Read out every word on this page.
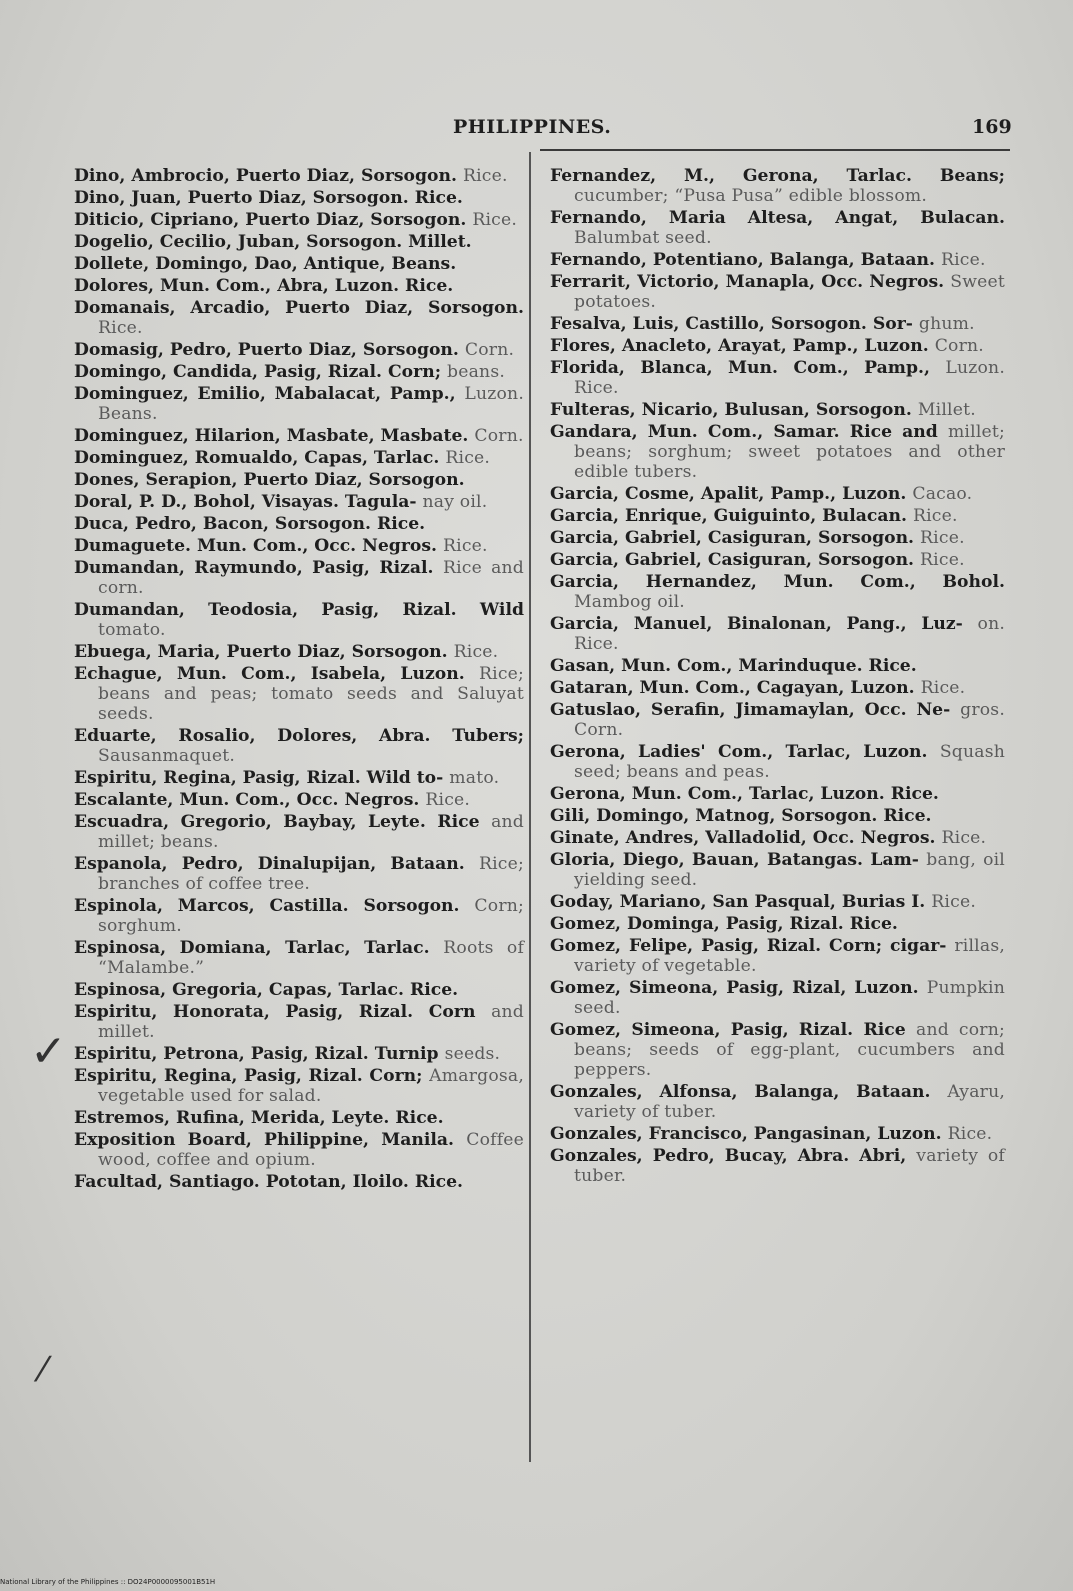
PHILIPPINES.	169
Dino, Ambrocio, Puerto Diaz, Sorsogon. Rice.
Dino, Juan, Puerto Diaz, Sorsogon. Rice.
Diticio, Cipriano, Puerto Diaz, Sorsogon. Rice.
Dogelio, Cecilio, Juban, Sorsogon. Millet.
Dollete, Domingo, Dao, Antique, Beans.
Dolores, Mun. Com., Abra, Luzon. Rice.
Domanais, Arcadio, Puerto Diaz, Sorsogon. Rice.
Domasig, Pedro, Puerto Diaz, Sorsogon. Corn.
Domingo, Candida, Pasig, Rizal. Corn; beans.
Dominguez, Emilio, Mabalacat, Pamp., Luzon. Beans.
Dominguez, Hilarion, Masbate, Masbate. Corn.
Dominguez, Romualdo, Capas, Tarlac. Rice.
Dones, Serapion, Puerto Diaz, Sorsogon.
Doral, P. D., Bohol, Visayas. Tagula- nay oil.
Duca, Pedro, Bacon, Sorsogon. Rice.
Dumaguete. Mun. Com., Occ. Negros. Rice.
Dumandan, Raymundo, Pasig, Rizal. Rice and corn.
Dumandan, Teodosia, Pasig, Rizal. Wild tomato.
Ebuega, Maria, Puerto Diaz, Sorsogon. Rice.
Echague, Mun. Com., Isabela, Luzon. Rice; beans and peas; tomato seeds and Saluyat seeds.
Eduarte, Rosalio, Dolores, Abra. Tubers; Sausanmaquet.
Espiritu, Regina, Pasig, Rizal. Wild to- mato.
Escalante, Mun. Com., Occ. Negros. Rice.
Escuadra, Gregorio, Baybay, Leyte. Rice and millet; beans.
Espanola, Pedro, Dinalupijan, Bataan. Rice; branches of coffee tree.
Espinola, Marcos, Castilla. Sorsogon. Corn; sorghum.
Espinosa, Domiana, Tarlac, Tarlac. Roots of “Malambe.”
Espinosa, Gregoria, Capas, Tarlac. Rice.
Espiritu, Honorata, Pasig, Rizal. Corn and millet.
Espiritu, Petrona, Pasig, Rizal. Turnip seeds.
Espiritu, Regina, Pasig, Rizal. Corn; Amargosa, vegetable used for salad.
Estremos, Rufina, Merida, Leyte. Rice.
Exposition Board, Philippine, Manila. Coffee wood, coffee and opium.
Facultad, Santiago. Pototan, Iloilo. Rice.
Fernandez, M., Gerona, Tarlac. Beans; cucumber; “Pusa Pusa” edible blossom.
Fernando, Maria Altesa, Angat, Bulacan. Balumbat seed.
Fernando, Potentiano, Balanga, Bataan. Rice.
Ferrarit, Victorio, Manapla, Occ. Negros. Sweet potatoes.
Fesalva, Luis, Castillo, Sorsogon. Sor- ghum.
Flores, Anacleto, Arayat, Pamp., Luzon. Corn.
Florida, Blanca, Mun. Com., Pamp., Luzon. Rice.
Fulteras, Nicario, Bulusan, Sorsogon. Millet.
Gandara, Mun. Com., Samar. Rice and millet; beans; sorghum; sweet potatoes and other edible tubers.
Garcia, Cosme, Apalit, Pamp., Luzon. Cacao.
Garcia, Enrique, Guiguinto, Bulacan. Rice.
Garcia, Gabriel, Casiguran, Sorsogon. Rice.
Garcia, Gabriel, Casiguran, Sorsogon. Rice.
Garcia, Hernandez, Mun. Com., Bohol. Mambog oil.
Garcia, Manuel, Binalonan, Pang., Luz- on. Rice.
Gasan, Mun. Com., Marinduque. Rice.
Gataran, Mun. Com., Cagayan, Luzon. Rice.
Gatuslao, Serafin, Jimamaylan, Occ. Ne- gros. Corn.
Gerona, Ladies' Com., Tarlac, Luzon. Squash seed; beans and peas.
Gerona, Mun. Com., Tarlac, Luzon. Rice.
Gili, Domingo, Matnog, Sorsogon. Rice.
Ginate, Andres, Valladolid, Occ. Negros. Rice.
Gloria, Diego, Bauan, Batangas. Lam- bang, oil yielding seed.
Goday, Mariano, San Pasqual, Burias I. Rice.
Gomez, Dominga, Pasig, Rizal. Rice.
Gomez, Felipe, Pasig, Rizal. Corn; cigar- rillas, variety of vegetable.
Gomez, Simeona, Pasig, Rizal, Luzon. Pumpkin seed.
Gomez, Simeona, Pasig, Rizal. Rice and corn; beans; seeds of egg-plant, cucumbers and peppers.
Gonzales, Alfonsa, Balanga, Bataan. Ayaru, variety of tuber.
Gonzales, Francisco, Pangasinan, Luzon. Rice.
Gonzales, Pedro, Bucay, Abra. Abri, variety of tuber.
✓
⁄
National Library of the Philippines :: DO24P0000095001B51H
